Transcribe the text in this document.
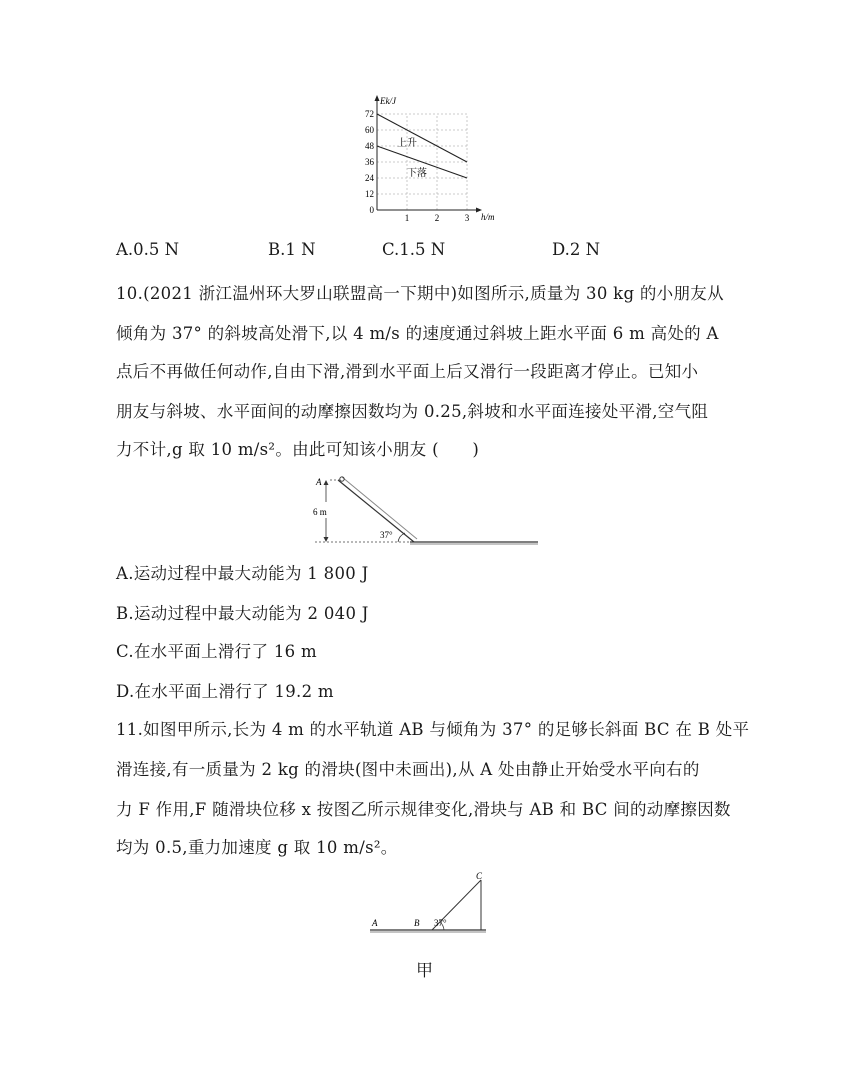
Ek/J
h/m
72
60
48
36
24
12
0
1	2	3
上升
下落
A.0.5 N	B.1 N	C.1.5 N	D.2 N
10.(2021 浙江温州环大罗山联盟高一下期中)如图所示,质量为 30 kg 的小朋友从
倾角为 37° 的斜坡高处滑下,以 4 m/s 的速度通过斜坡上距水平面 6 m 高处的 A
点后不再做任何动作,自由下滑,滑到水平面上后又滑行一段距离才停止。已知小
朋友与斜坡、水平面间的动摩擦因数均为 0.25,斜坡和水平面连接处平滑,空气阻
力不计,g 取 10 m/s²。由此可知该小朋友 (　　)
A
6 m
37°
A.运动过程中最大动能为 1 800 J
B.运动过程中最大动能为 2 040 J
C.在水平面上滑行了 16 m
D.在水平面上滑行了 19.2 m
11.如图甲所示,长为 4 m 的水平轨道 AB 与倾角为 37° 的足够长斜面 BC 在 B 处平
滑连接,有一质量为 2 kg 的滑块(图中未画出),从 A 处由静止开始受水平向右的
力 F 作用,F 随滑块位移 x 按图乙所示规律变化,滑块与 AB 和 BC 间的动摩擦因数
均为 0.5,重力加速度 g 取 10 m/s²。
A	B
C
37°
甲
